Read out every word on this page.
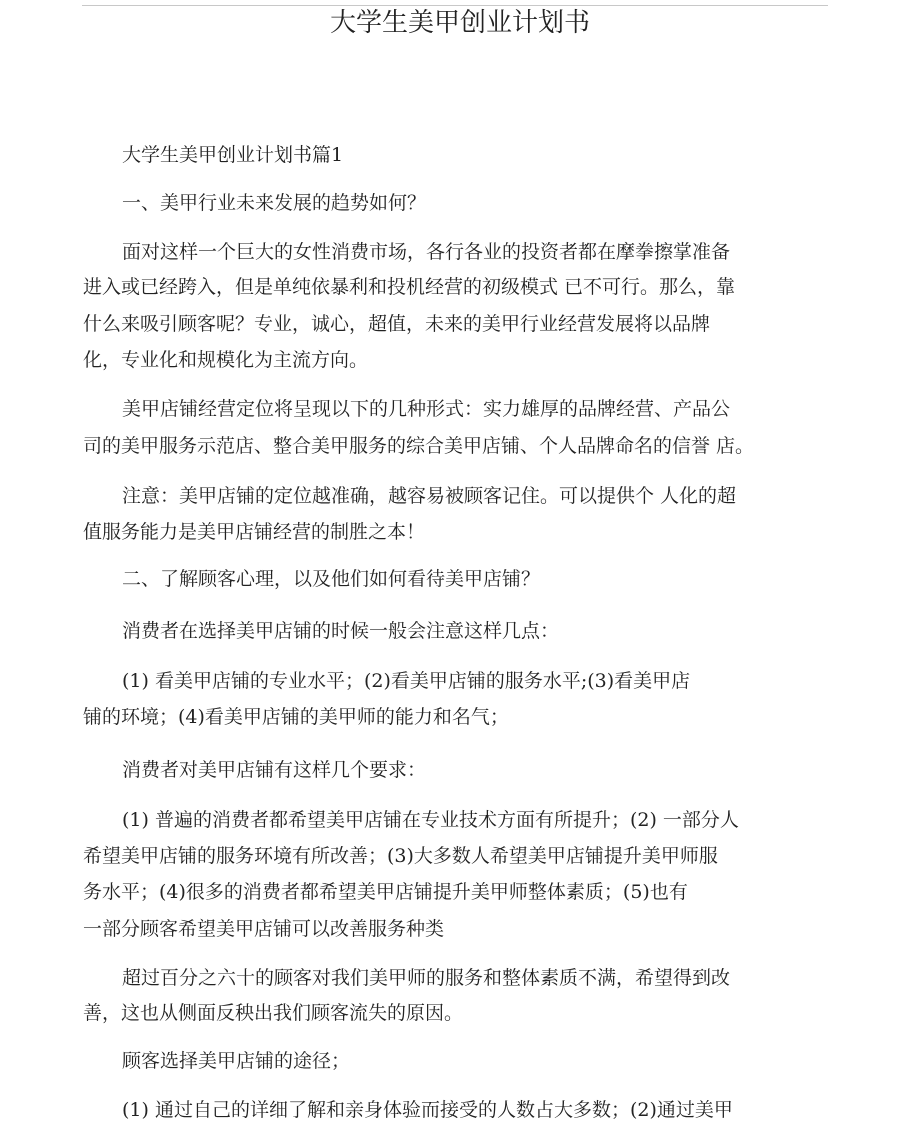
大学生美甲创业计划书
大学生美甲创业计划书篇1
一、美甲行业未来发展的趋势如何？
面对这样一个巨大的女性消费市场，各行各业的投资者都在摩拳擦掌准备
进入或已经跨入，但是单纯依暴利和投机经营的初级模式 已不可行。那么，靠
什么来吸引顾客呢？专业，诚心，超值，未来的美甲行业经营发展将以品牌
化，专业化和规模化为主流方向。
美甲店铺经营定位将呈现以下的几种形式：实力雄厚的品牌经营、产品公
司的美甲服务示范店、整合美甲服务的综合美甲店铺、个人品牌命名的信誉 店。
注意：美甲店铺的定位越准确，越容易被顾客记住。可以提供个 人化的超
值服务能力是美甲店铺经营的制胜之本！
二、了解顾客心理，以及他们如何看待美甲店铺？
消费者在选择美甲店铺的时候一般会注意这样几点：
(1) 看美甲店铺的专业水平；(2)看美甲店铺的服务水平;(3)看美甲店
铺的环境；(4)看美甲店铺的美甲师的能力和名气；
消费者对美甲店铺有这样几个要求：
(1) 普遍的消费者都希望美甲店铺在专业技术方面有所提升；(2) 一部分人
希望美甲店铺的服务环境有所改善；(3)大多数人希望美甲店铺提升美甲师服
务水平；(4)很多的消费者都希望美甲店铺提升美甲师整体素质；(5)也有
一部分顾客希望美甲店铺可以改善服务种类
超过百分之六十的顾客对我们美甲师的服务和整体素质不满，希望得到改
善，这也从侧面反秧出我们顾客流失的原因。
顾客选择美甲店铺的途径；
(1) 通过自己的详细了解和亲身体验而接受的人数占大多数；(2)通过美甲
